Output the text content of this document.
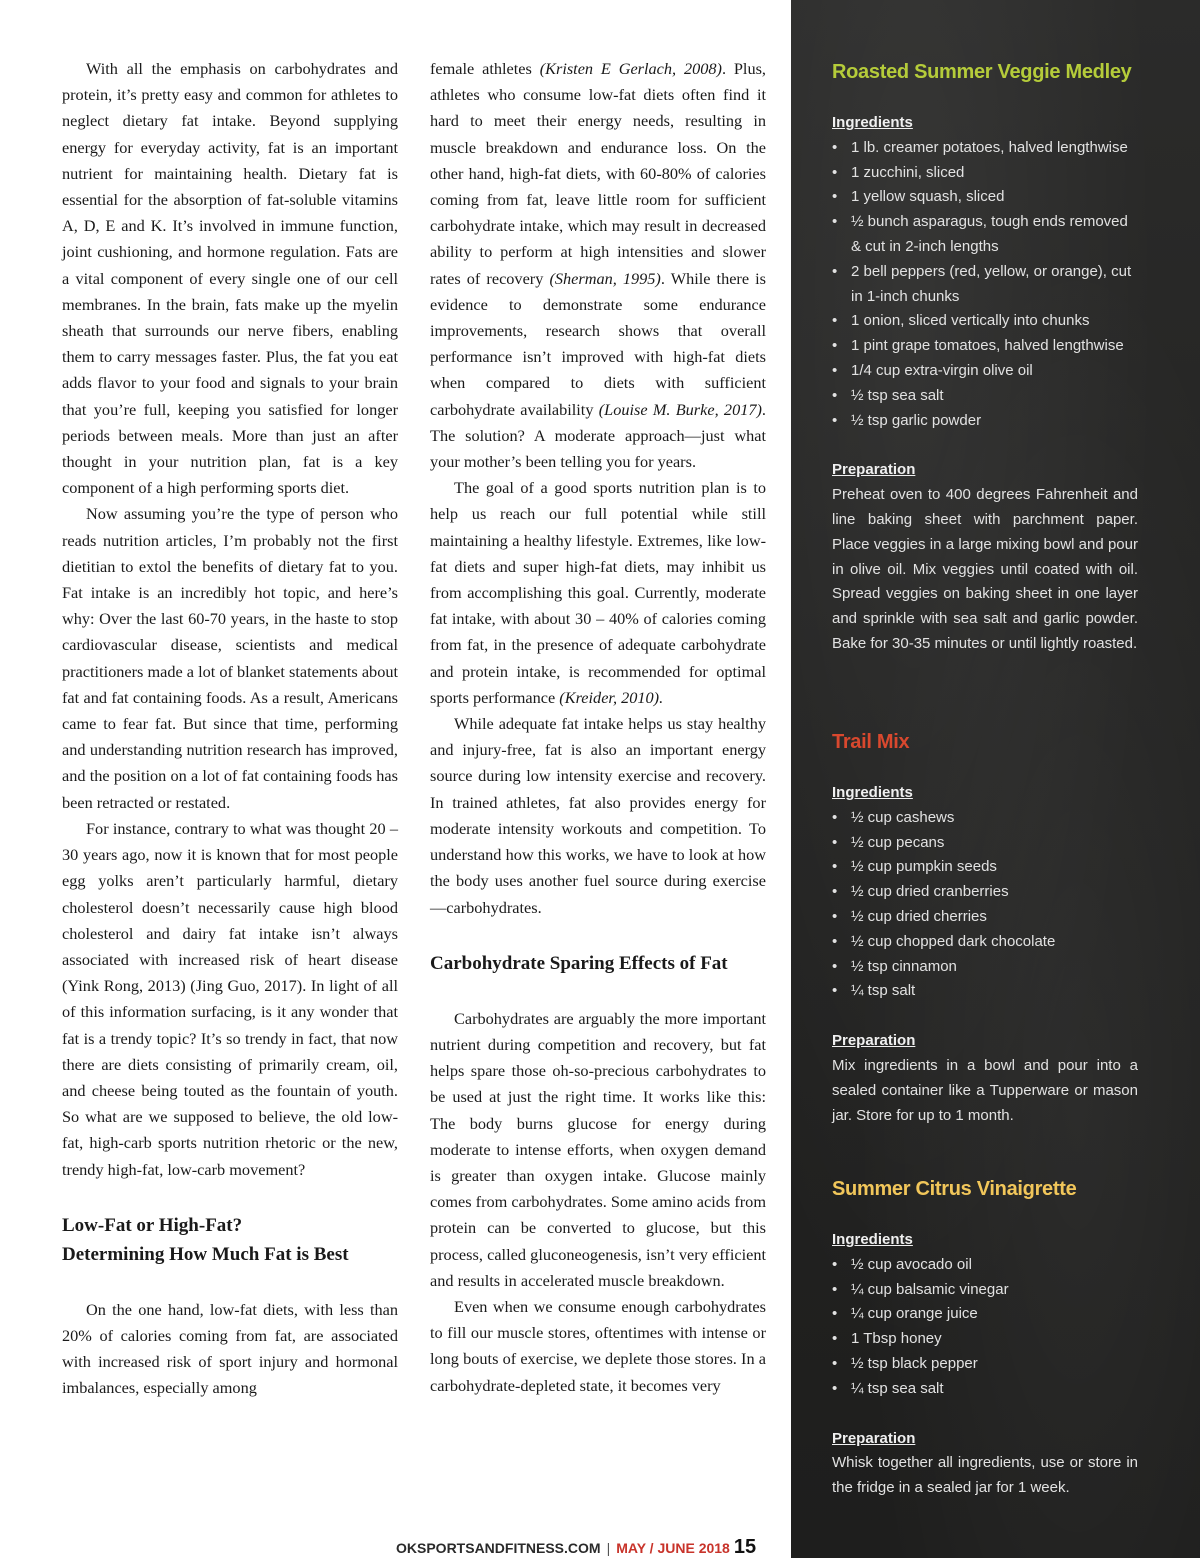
With all the emphasis on carbohydrates and protein, it’s pretty easy and common for athletes to neglect dietary fat intake. Beyond supplying energy for everyday activity, fat is an important nutrient for maintaining health. Dietary fat is essential for the absorption of fat-soluble vitamins A, D, E and K. It’s involved in immune function, joint cushioning, and hormone regulation. Fats are a vital component of every single one of our cell membranes. In the brain, fats make up the myelin sheath that surrounds our nerve fibers, enabling them to carry messages faster. Plus, the fat you eat adds flavor to your food and signals to your brain that you’re full, keeping you satisfied for longer periods between meals. More than just an after thought in your nutrition plan, fat is a key component of a high performing sports diet.

Now assuming you’re the type of person who reads nutrition articles, I’m probably not the first dietitian to extol the benefits of dietary fat to you. Fat intake is an incredibly hot topic, and here’s why: Over the last 60-70 years, in the haste to stop cardiovascular disease, scientists and medical practitioners made a lot of blanket statements about fat and fat containing foods. As a result, Americans came to fear fat. But since that time, performing and understanding nutrition research has improved, and the position on a lot of fat containing foods has been retracted or restated.

For instance, contrary to what was thought 20 – 30 years ago, now it is known that for most people egg yolks aren’t particularly harmful, dietary cholesterol doesn’t necessarily cause high blood cholesterol and dairy fat intake isn’t always associated with increased risk of heart disease (Yink Rong, 2013) (Jing Guo, 2017). In light of all of this information surfacing, is it any wonder that fat is a trendy topic? It’s so trendy in fact, that now there are diets consisting of primarily cream, oil, and cheese being touted as the fountain of youth. So what are we supposed to believe, the old low-fat, high-carb sports nutrition rhetoric or the new, trendy high-fat, low-carb movement?

Low-Fat or High-Fat?
Determining How Much Fat is Best

On the one hand, low-fat diets, with less than 20% of calories coming from fat, are associated with increased risk of sport injury and hormonal imbalances, especially among

female athletes (Kristen E Gerlach, 2008). Plus, athletes who consume low-fat diets often find it hard to meet their energy needs, resulting in muscle breakdown and endurance loss. On the other hand, high-fat diets, with 60-80% of calories coming from fat, leave little room for sufficient carbohydrate intake, which may result in decreased ability to perform at high intensities and slower rates of recovery (Sherman, 1995). While there is evidence to demonstrate some endurance improvements, research shows that overall performance isn’t improved with high-fat diets when compared to diets with sufficient carbohydrate availability (Louise M. Burke, 2017). The solution? A moderate approach—just what your mother’s been telling you for years.

The goal of a good sports nutrition plan is to help us reach our full potential while still maintaining a healthy lifestyle. Extremes, like low-fat diets and super high-fat diets, may inhibit us from accomplishing this goal. Currently, moderate fat intake, with about 30 – 40% of calories coming from fat, in the presence of adequate carbohydrate and protein intake, is recommended for optimal sports performance (Kreider, 2010).

While adequate fat intake helps us stay healthy and injury-free, fat is also an important energy source during low intensity exercise and recovery. In trained athletes, fat also provides energy for moderate intensity workouts and competition. To understand how this works, we have to look at how the body uses another fuel source during exercise—carbohydrates.

Carbohydrate Sparing Effects of Fat

Carbohydrates are arguably the more important nutrient during competition and recovery, but fat helps spare those oh-so-precious carbohydrates to be used at just the right time. It works like this: The body burns glucose for energy during moderate to intense efforts, when oxygen demand is greater than oxygen intake. Glucose mainly comes from carbohydrates. Some amino acids from protein can be converted to glucose, but this process, called gluconeogenesis, isn’t very efficient and results in accelerated muscle breakdown.

Even when we consume enough carbohydrates to fill our muscle stores, oftentimes with intense or long bouts of exercise, we deplete those stores. In a carbohydrate-depleted state, it becomes very

OKSPORTSANDFITNESS.COM | MAY / JUNE 2018 15
Roasted Summer Veggie Medley
Ingredients
• 1 lb. creamer potatoes, halved lengthwise
• 1 zucchini, sliced
• 1 yellow squash, sliced
• ½ bunch asparagus, tough ends removed & cut in 2-inch lengths
• 2 bell peppers (red, yellow, or orange), cut in 1-inch chunks
• 1 onion, sliced vertically into chunks
• 1 pint grape tomatoes, halved lengthwise
• 1/4 cup extra-virgin olive oil
• ½ tsp sea salt
• ½ tsp garlic powder
Preparation

Preheat oven to 400 degrees Fahrenheit and line baking sheet with parchment paper. Place veggies in a large mixing bowl and pour in olive oil. Mix veggies until coated with oil. Spread veggies on baking sheet in one layer and sprinkle with sea salt and garlic powder. Bake for 30-35 minutes or until lightly roasted.

Trail Mix
Ingredients
• ½ cup cashews
• ½ cup pecans
• ½ cup pumpkin seeds
• ½ cup dried cranberries
• ½ cup dried cherries
• ½ cup chopped dark chocolate
• ½ tsp cinnamon
• ¼ tsp salt
Preparation

Mix ingredients in a bowl and pour into a sealed container like a Tupperware or mason jar. Store for up to 1 month.

Summer Citrus Vinaigrette
Ingredients
• ½ cup avocado oil
• ¼ cup balsamic vinegar
• ¼ cup orange juice
• 1 Tbsp honey
• ½ tsp black pepper
• ¼ tsp sea salt
Preparation

Whisk together all ingredients, use or store in the fridge in a sealed jar for 1 week.
